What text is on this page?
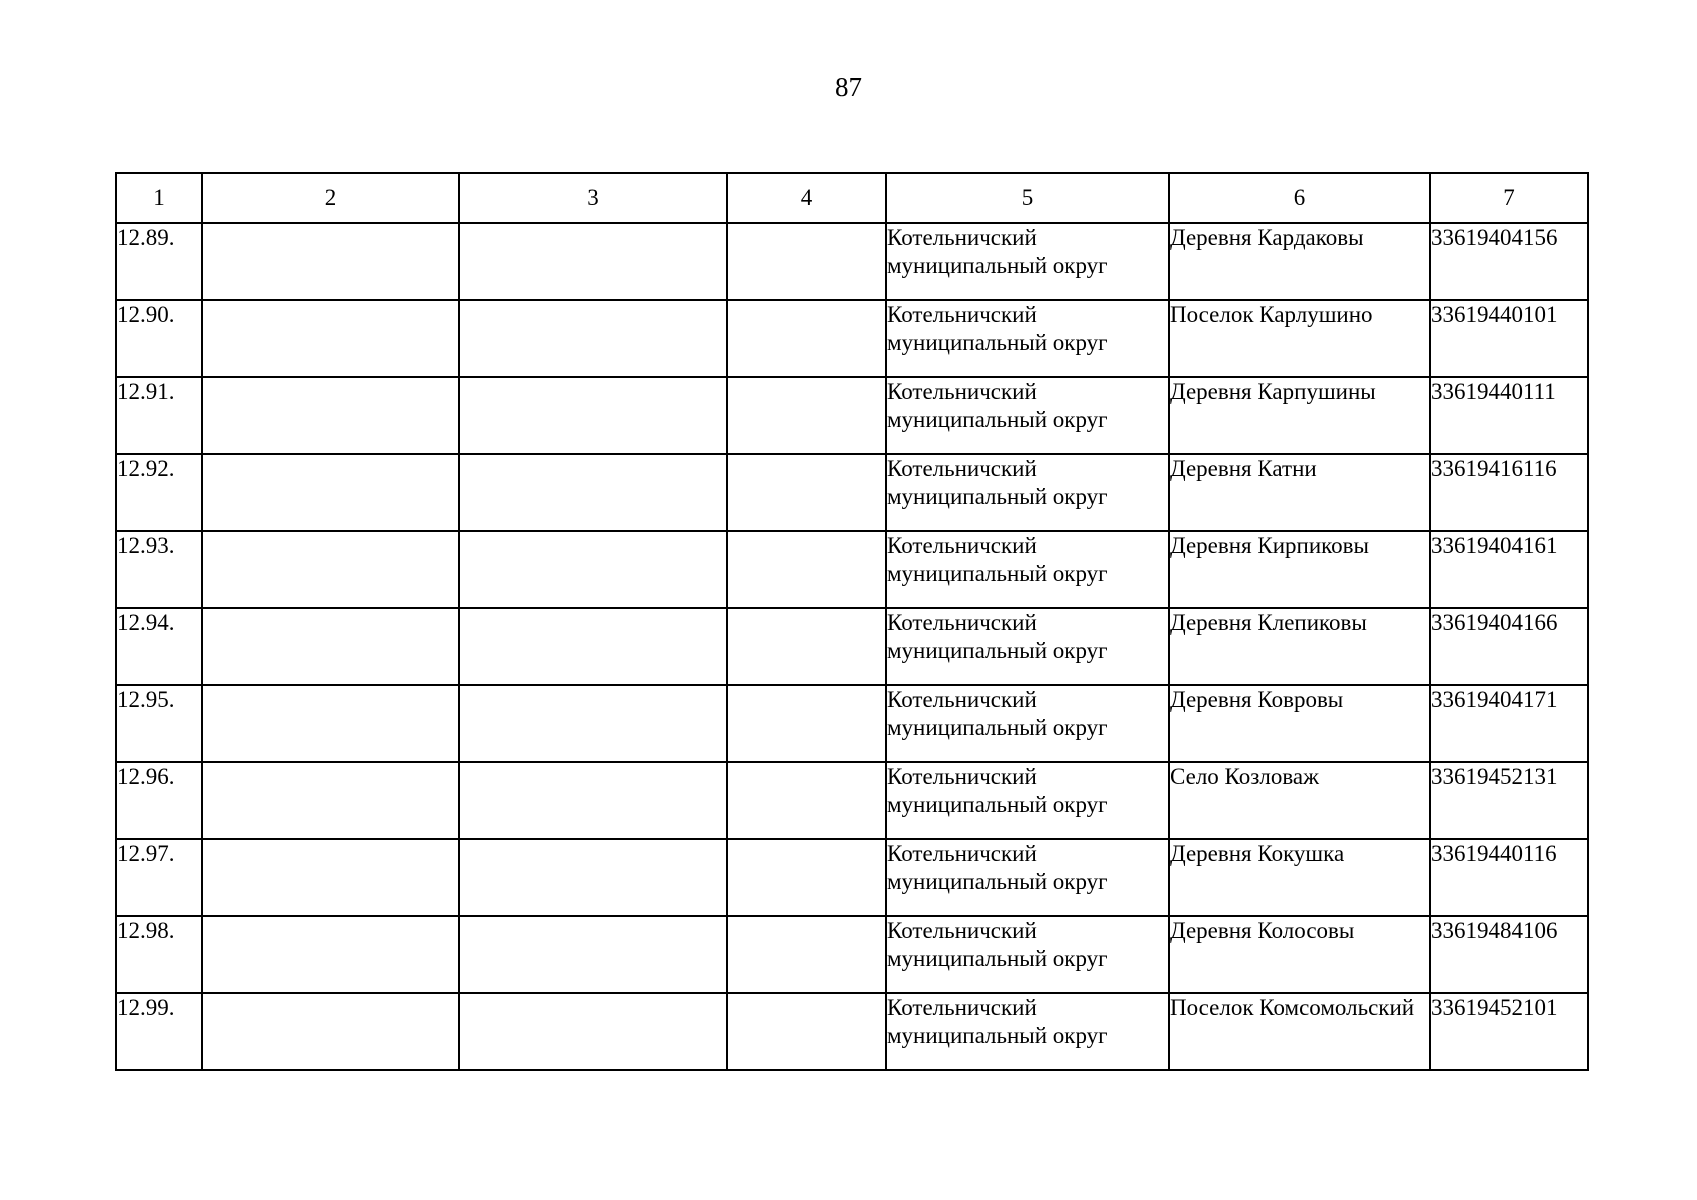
87
1	2	3	4	5	6	7
12.89.				Котельничский муниципальный округ	Деревня Кардаковы	33619404156
12.90.				Котельничский муниципальный округ	Поселок Карлушино	33619440101
12.91.				Котельничский муниципальный округ	Деревня Карпушины	33619440111
12.92.				Котельничский муниципальный округ	Деревня Катни	33619416116
12.93.				Котельничский муниципальный округ	Деревня Кирпиковы	33619404161
12.94.				Котельничский муниципальный округ	Деревня Клепиковы	33619404166
12.95.				Котельничский муниципальный округ	Деревня Ковровы	33619404171
12.96.				Котельничский муниципальный округ	Село Козловаж	33619452131
12.97.				Котельничский муниципальный округ	Деревня Кокушка	33619440116
12.98.				Котельничский муниципальный округ	Деревня Колосовы	33619484106
12.99.				Котельничский муниципальный округ	Поселок Комсомольский	33619452101
